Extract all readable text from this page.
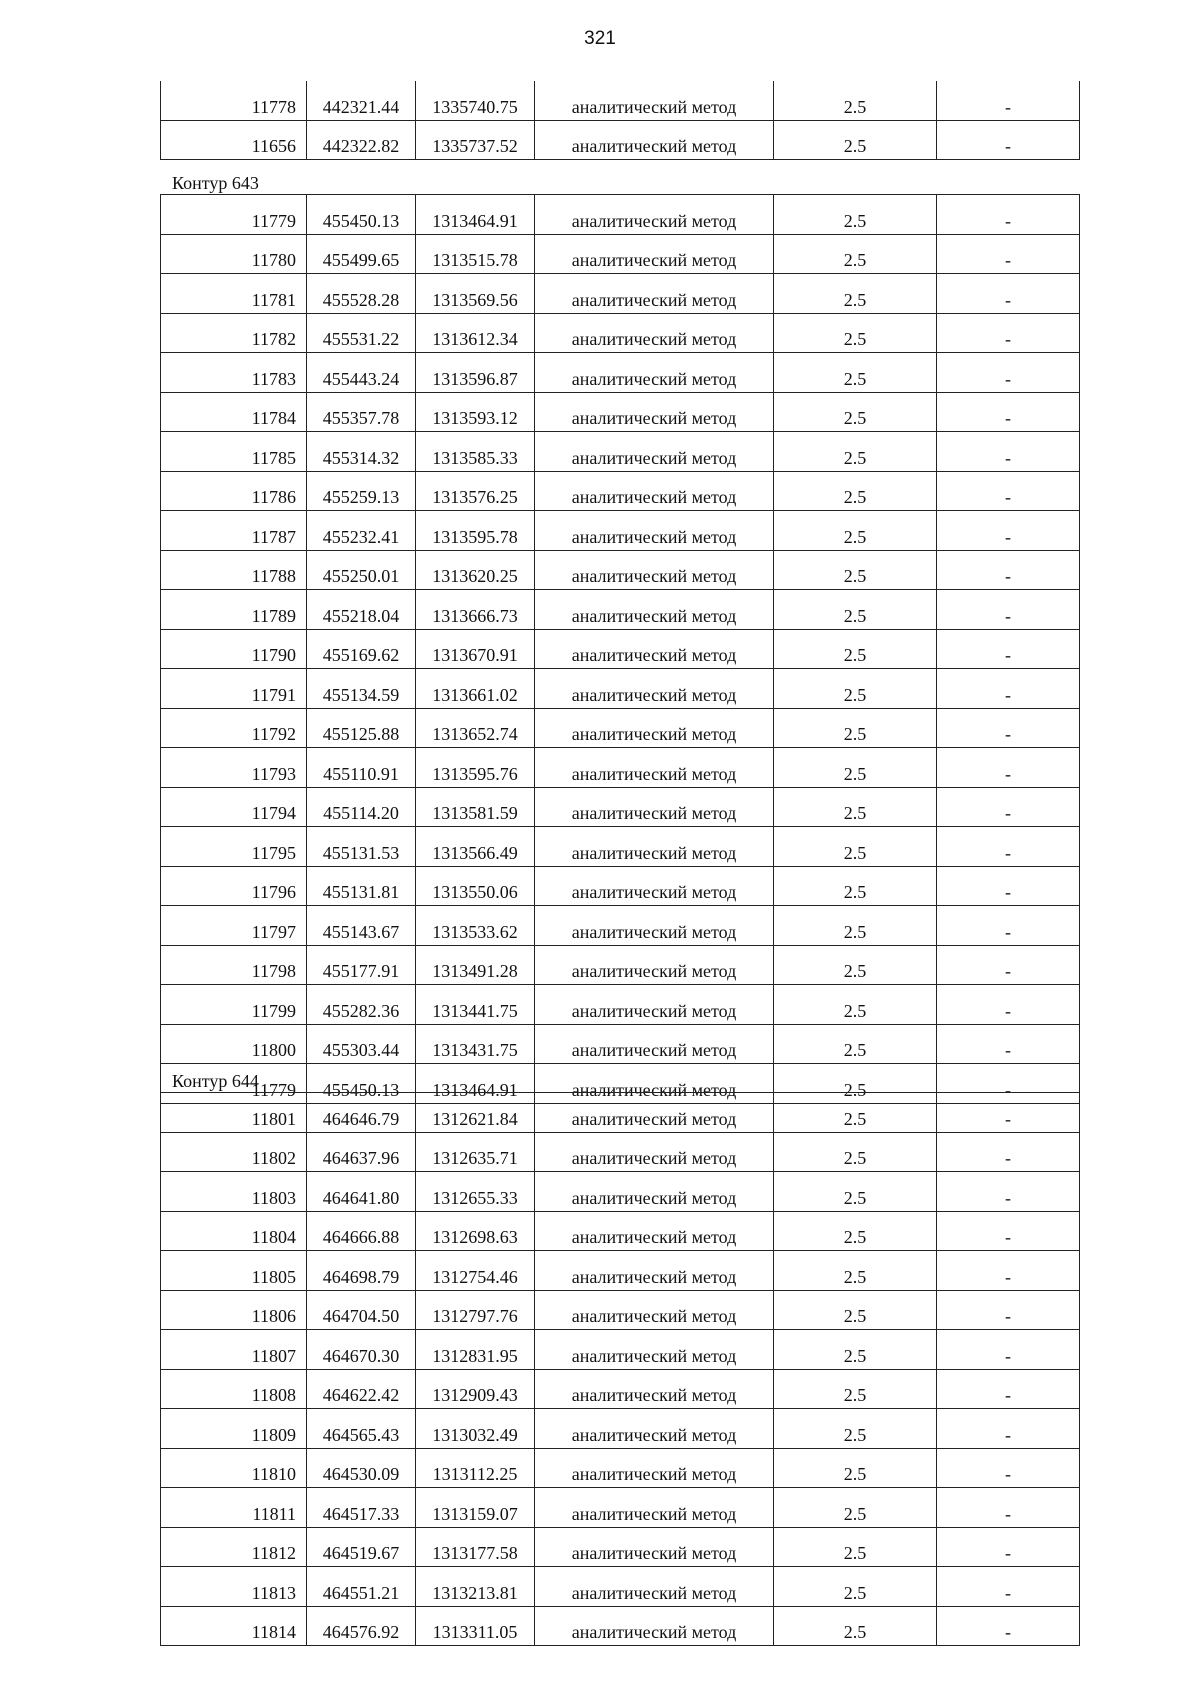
321
11778	442321.44	1335740.75	аналитический метод	2.5	-
11656	442322.82	1335737.52	аналитический метод	2.5	-
Контур 643
11779	455450.13	1313464.91	аналитический метод	2.5	-
11780	455499.65	1313515.78	аналитический метод	2.5	-
11781	455528.28	1313569.56	аналитический метод	2.5	-
11782	455531.22	1313612.34	аналитический метод	2.5	-
11783	455443.24	1313596.87	аналитический метод	2.5	-
11784	455357.78	1313593.12	аналитический метод	2.5	-
11785	455314.32	1313585.33	аналитический метод	2.5	-
11786	455259.13	1313576.25	аналитический метод	2.5	-
11787	455232.41	1313595.78	аналитический метод	2.5	-
11788	455250.01	1313620.25	аналитический метод	2.5	-
11789	455218.04	1313666.73	аналитический метод	2.5	-
11790	455169.62	1313670.91	аналитический метод	2.5	-
11791	455134.59	1313661.02	аналитический метод	2.5	-
11792	455125.88	1313652.74	аналитический метод	2.5	-
11793	455110.91	1313595.76	аналитический метод	2.5	-
11794	455114.20	1313581.59	аналитический метод	2.5	-
11795	455131.53	1313566.49	аналитический метод	2.5	-
11796	455131.81	1313550.06	аналитический метод	2.5	-
11797	455143.67	1313533.62	аналитический метод	2.5	-
11798	455177.91	1313491.28	аналитический метод	2.5	-
11799	455282.36	1313441.75	аналитический метод	2.5	-
11800	455303.44	1313431.75	аналитический метод	2.5	-
11779	455450.13	1313464.91	аналитический метод	2.5	-
Контур 644
11801	464646.79	1312621.84	аналитический метод	2.5	-
11802	464637.96	1312635.71	аналитический метод	2.5	-
11803	464641.80	1312655.33	аналитический метод	2.5	-
11804	464666.88	1312698.63	аналитический метод	2.5	-
11805	464698.79	1312754.46	аналитический метод	2.5	-
11806	464704.50	1312797.76	аналитический метод	2.5	-
11807	464670.30	1312831.95	аналитический метод	2.5	-
11808	464622.42	1312909.43	аналитический метод	2.5	-
11809	464565.43	1313032.49	аналитический метод	2.5	-
11810	464530.09	1313112.25	аналитический метод	2.5	-
11811	464517.33	1313159.07	аналитический метод	2.5	-
11812	464519.67	1313177.58	аналитический метод	2.5	-
11813	464551.21	1313213.81	аналитический метод	2.5	-
11814	464576.92	1313311.05	аналитический метод	2.5	-
